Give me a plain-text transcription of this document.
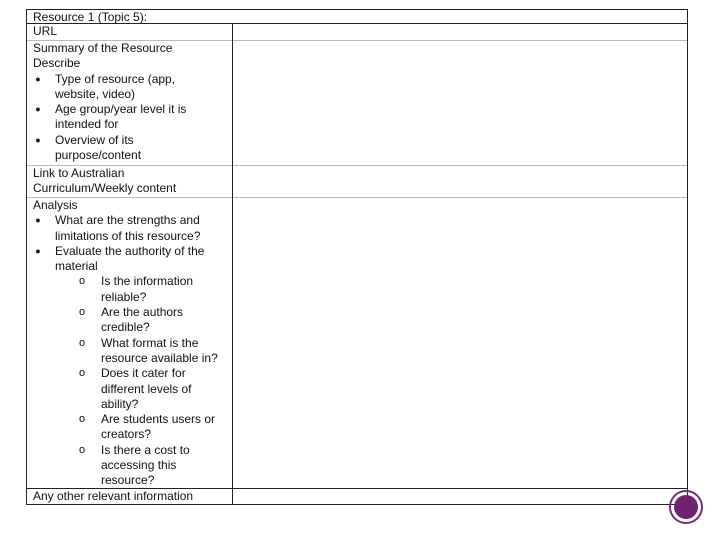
Resource 1 (Topic 5):
URL
Summary of the Resource
Describe
● Type of resource (app,
website, video)
● Age group/year level it is
intended for
● Overview of its
purpose/content
Link to Australian
Curriculum/Weekly content
Analysis
● What are the strengths and
limitations of this resource?
● Evaluate the authority of the
material
o Is the information
reliable?
o Are the authors
credible?
o What format is the
resource available in?
o Does it cater for
different levels of
ability?
o Are students users or
creators?
o Is there a cost to
accessing this
resource?
Any other relevant information
